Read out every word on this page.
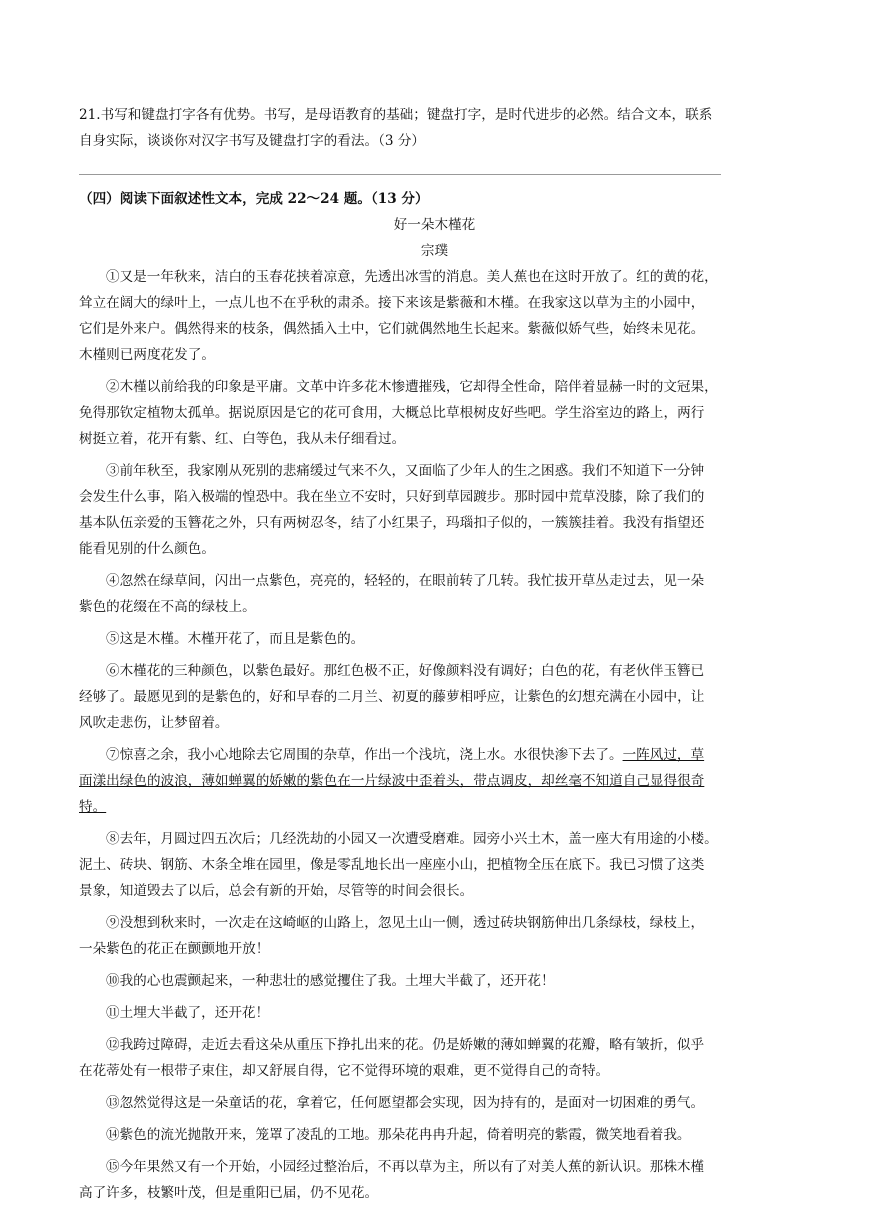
21.书写和键盘打字各有优势。书写，是母语教育的基础；键盘打字，是时代进步的必然。结合文本，联系
自身实际，谈谈你对汉字书写及键盘打字的看法。（3 分）
（四）阅读下面叙述性文本，完成 22～24 题。（13 分）
好一朵木槿花
宗璞
①又是一年秋来，洁白的玉春花挟着凉意，先透出冰雪的消息。美人蕉也在这时开放了。红的黄的花，
耸立在阔大的绿叶上，一点儿也不在乎秋的肃杀。接下来该是紫薇和木槿。在我家这以草为主的小园中，
它们是外来户。偶然得来的枝条，偶然插入土中，它们就偶然地生长起来。紫薇似娇气些，始终未见花。
木槿则已两度花发了。
②木槿以前给我的印象是平庸。文革中许多花木惨遭摧残，它却得全性命，陪伴着显赫一时的文冠果，
免得那钦定植物太孤单。据说原因是它的花可食用，大概总比草根树皮好些吧。学生浴室边的路上，两行
树挺立着，花开有紫、红、白等色，我从未仔细看过。
③前年秋至，我家刚从死别的悲痛缓过气来不久，又面临了少年人的生之困惑。我们不知道下一分钟
会发生什么事，陷入极端的惶恐中。我在坐立不安时，只好到草园踱步。那时园中荒草没膝，除了我们的
基本队伍亲爱的玉簪花之外，只有两树忍冬，结了小红果子，玛瑙扣子似的，一簇簇挂着。我没有指望还
能看见别的什么颜色。
④忽然在绿草间，闪出一点紫色，亮亮的，轻轻的，在眼前转了几转。我忙拔开草丛走过去，见一朵
紫色的花缀在不高的绿枝上。
⑤这是木槿。木槿开花了，而且是紫色的。
⑥木槿花的三种颜色，以紫色最好。那红色极不正，好像颜料没有调好；白色的花，有老伙伴玉簪已
经够了。最愿见到的是紫色的，好和早春的二月兰、初夏的藤萝相呼应，让紫色的幻想充满在小园中，让
风吹走悲伤，让梦留着。
⑦惊喜之余，我小心地除去它周围的杂草，作出一个浅坑，浇上水。水很快渗下去了。一阵风过，草
面漾出绿色的波浪，薄如蝉翼的娇嫩的紫色在一片绿波中歪着头，带点调皮，却丝毫不知道自己显得很奇
特。
⑧去年，月圆过四五次后；几经洗劫的小园又一次遭受磨难。园旁小兴土木，盖一座大有用途的小楼。
泥土、砖块、钢筋、木条全堆在园里，像是零乱地长出一座座小山，把植物全压在底下。我已习惯了这类
景象，知道毁去了以后，总会有新的开始，尽管等的时间会很长。
⑨没想到秋来时，一次走在这崎岖的山路上，忽见土山一侧，透过砖块钢筋伸出几条绿枝，绿枝上，
一朵紫色的花正在颤颤地开放！
⑩我的心也震颤起来，一种悲壮的感觉攫住了我。土埋大半截了，还开花！
⑪土埋大半截了，还开花！
⑫我跨过障碍，走近去看这朵从重压下挣扎出来的花。仍是娇嫩的薄如蝉翼的花瓣，略有皱折，似乎
在花蒂处有一根带子束住，却又舒展自得，它不觉得环境的艰难，更不觉得自己的奇特。
⑬忽然觉得这是一朵童话的花，拿着它，任何愿望都会实现，因为持有的，是面对一切困难的勇气。
⑭紫色的流光抛散开来，笼罩了凌乱的工地。那朵花冉冉升起，倚着明亮的紫霞，微笑地看着我。
⑮今年果然又有一个开始，小园经过整治后，不再以草为主，所以有了对美人蕉的新认识。那株木槿
高了许多，枝繁叶茂，但是重阳已届，仍不见花。
